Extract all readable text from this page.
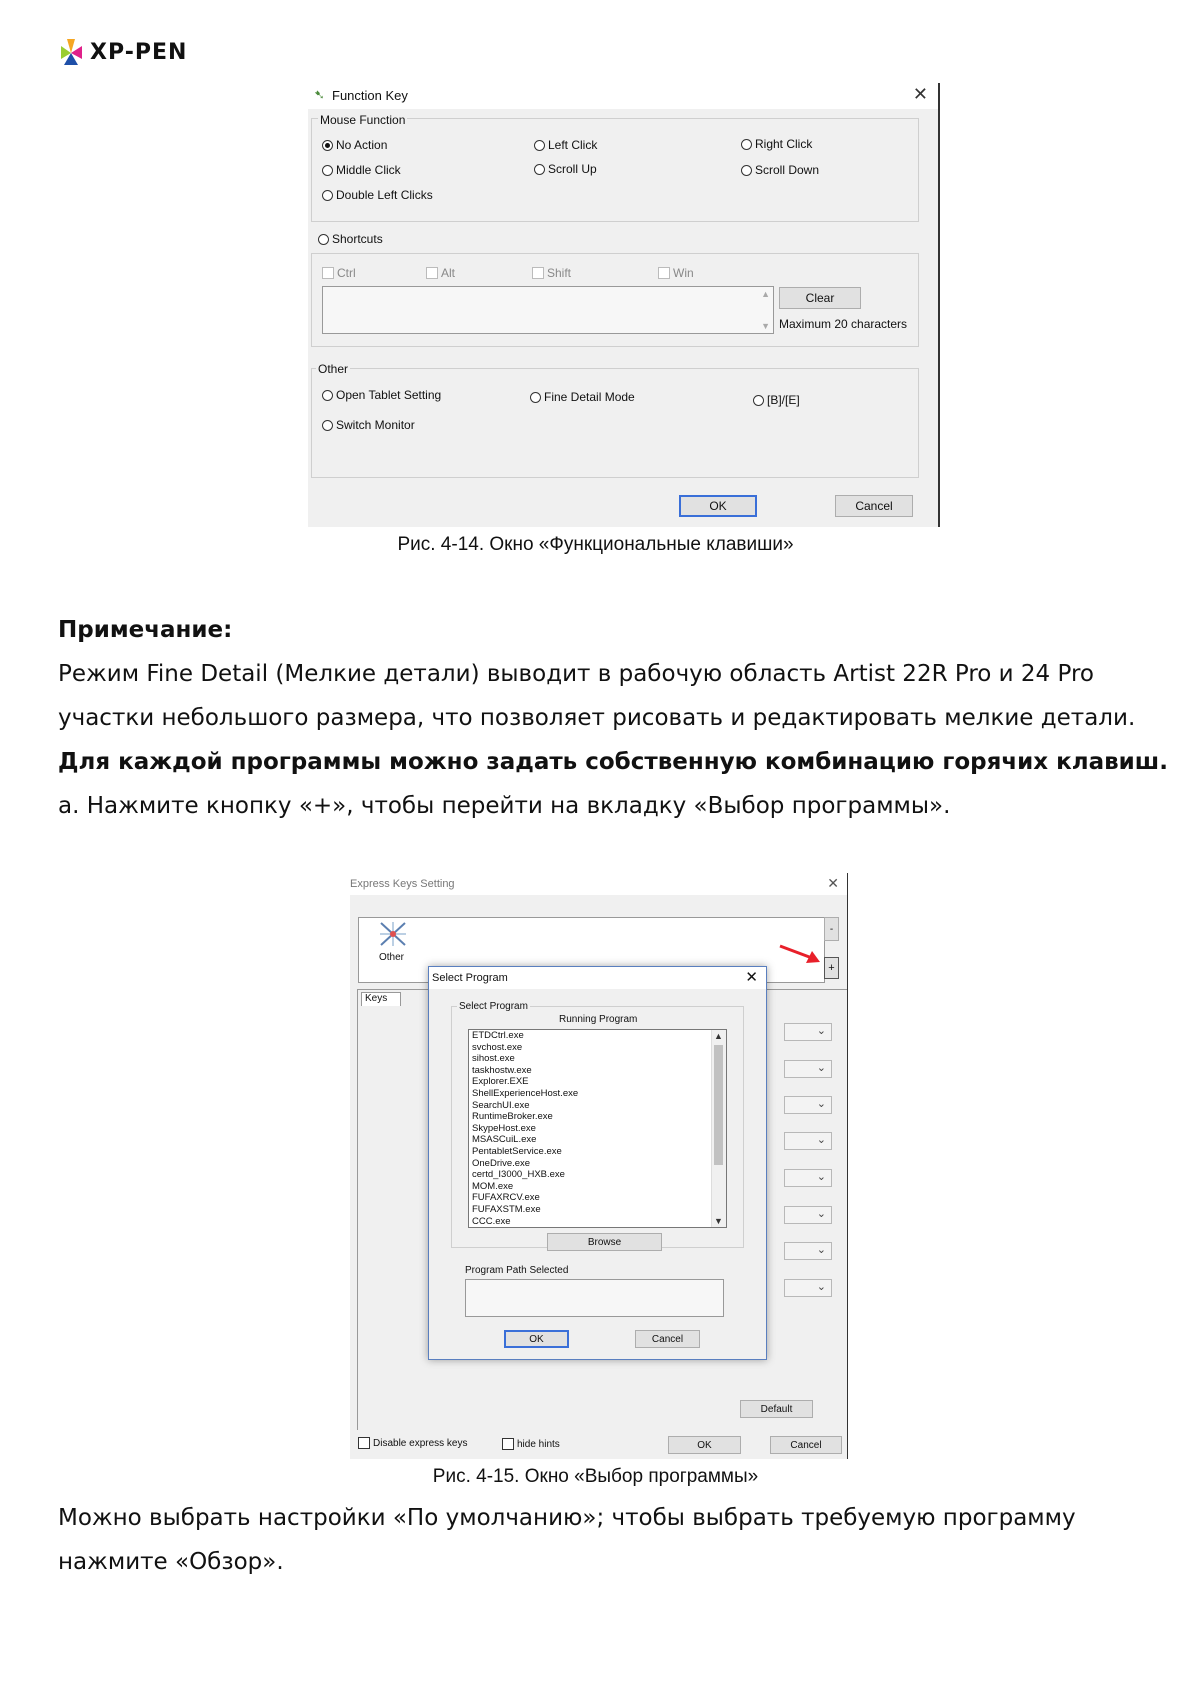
XP-PEN
➷ Function Key	✕
Mouse Function
No Action	Left Click	Right Click
Middle Click	Scroll Up	Scroll Down
Double Left Clicks
Shortcuts
Ctrl	Alt	Shift	Win
▲
▼
Clear
Maximum 20 characters
Other
Open Tablet Setting	Fine Detail Mode	[B]/[E]
Switch Monitor
OK	Cancel
Рис. 4-14. Окно «Функциональные клавиши»
Примечание:
Режим Fine Detail (Мелкие детали) выводит в рабочую область Artist 22R Pro и 24 Pro
участки небольшого размера, что позволяет рисовать и редактировать мелкие детали.
Для каждой программы можно задать собственную комбинацию горячих клавиш.
а. Нажмите кнопку «+», чтобы перейти на вкладку «Выбор программы».
Express Keys Setting	✕
Other
-
+
Keys
⌄
⌄
⌄
⌄
⌄
⌄
⌄
⌄
Default
Disable express keys	hide hints	OK	Cancel
Select Program	✕
Select Program
Running Program
ETDCtrl.exe
svchost.exe
sihost.exe
taskhostw.exe
Explorer.EXE
ShellExperienceHost.exe
SearchUI.exe
RuntimeBroker.exe
SkypeHost.exe
MSASCuiL.exe
PentabletService.exe
OneDrive.exe
certd_I3000_HXB.exe
MOM.exe
FUFAXRCV.exe
FUFAXSTM.exe
CCC.exe
▲
▼
Browse
Program Path Selected
OK	Cancel
Рис. 4-15. Окно «Выбор программы»
Можно выбрать настройки «По умолчанию»; чтобы выбрать требуемую программу
нажмите «Обзор».
